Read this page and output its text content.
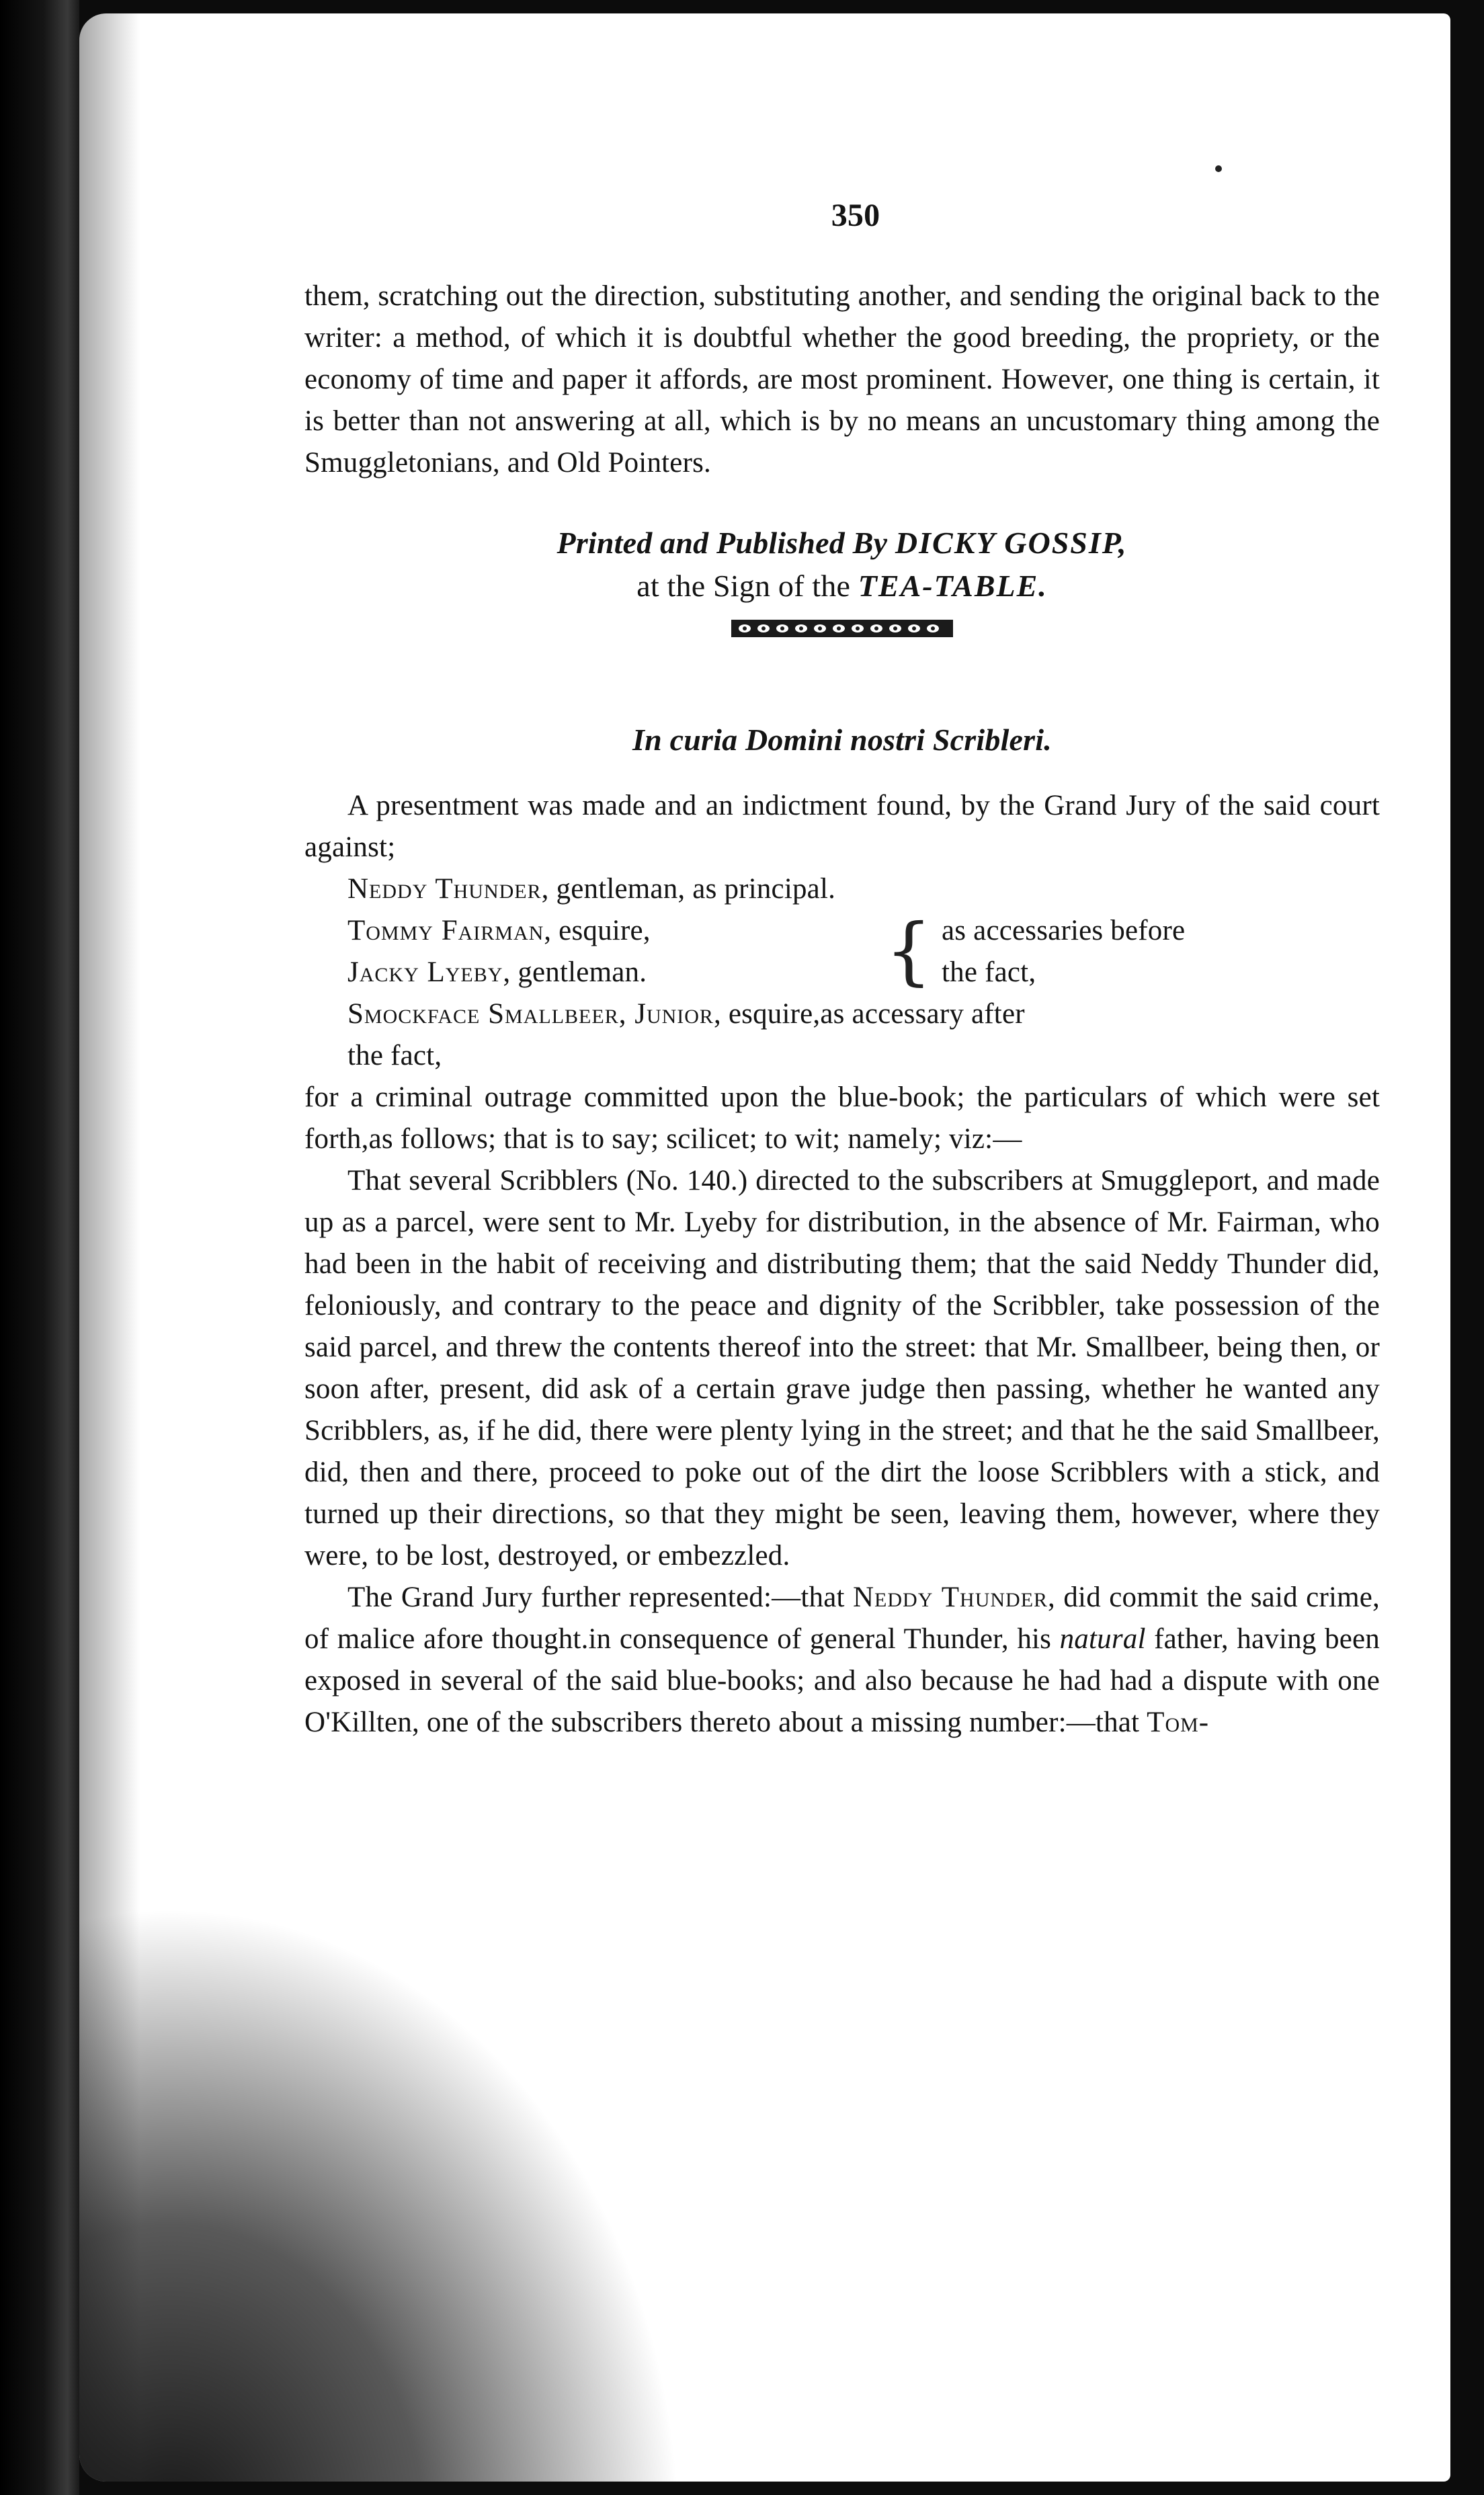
350

them, scratching out the direction, substituting another, and sending the original back to the writer: a method, of which it is doubtful whether the good breeding, the propriety, or the economy of time and paper it affords, are most prominent. However, one thing is certain, it is better than not answering at all, which is by no means an uncustomary thing among the Smuggletonians, and Old Pointers.

Printed and Published By DICKY GOSSIP,
at the Sign of the TEA-TABLE.
In curia Domini nostri Scribleri.

A presentment was made and an indictment found, by the Grand Jury of the said court against;

Neddy Thunder, gentleman, as principal.
Tommy Fairman, esquire,
Jacky Lyeby, gentleman.	{ as accessaries before
the fact,
Smockface Smallbeer, Junior, esquire,as accessary after
the fact,

for a criminal outrage committed upon the blue-book; the particulars of which were set forth,as follows; that is to say; scilicet; to wit; namely; viz:—

That several Scribblers (No. 140.) directed to the subscribers at Smuggleport, and made up as a parcel, were sent to Mr. Lyeby for distribution, in the absence of Mr. Fairman, who had been in the habit of receiving and distributing them; that the said Neddy Thunder did, feloniously, and contrary to the peace and dignity of the Scribbler, take possession of the said parcel, and threw the contents thereof into the street: that Mr. Smallbeer, being then, or soon after, present, did ask of a certain grave judge then passing, whether he wanted any Scribblers, as, if he did, there were plenty lying in the street; and that he the said Smallbeer, did, then and there, proceed to poke out of the dirt the loose Scribblers with a stick, and turned up their directions, so that they might be seen, leaving them, however, where they were, to be lost, destroyed, or embezzled.

The Grand Jury further represented:—that Neddy Thunder, did commit the said crime, of malice afore thought.in consequence of general Thunder, his natural father, having been exposed in several of the said blue-books; and also because he had had a dispute with one O'Killten, one of the subscribers thereto about a missing number:—that Tom-
